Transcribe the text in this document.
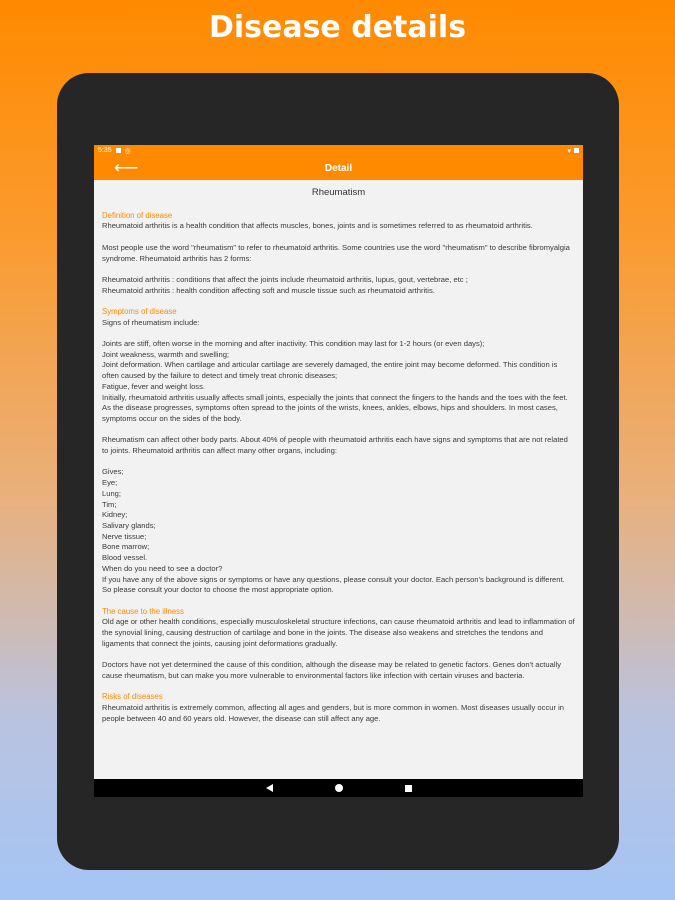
Disease details
5:35 ◎	▾
⟵	Detail
Rheumatism

Definition of disease

Rheumatoid arthritis is a health condition that affects muscles, bones, joints and is sometimes referred to as rheumatoid arthritis.

Most people use the word "rheumatism" to refer to rheumatoid arthritis. Some countries use the word "rheumatism" to describe fibromyalgia syndrome. Rheumatoid arthritis has 2 forms:

Rheumatoid arthritis : conditions that affect the joints include rheumatoid arthritis, lupus, gout, vertebrae, etc ;
Rheumatoid arthritis : health condition affecting soft and muscle tissue such as rheumatoid arthritis.

Symptoms of disease

Signs of rheumatism include:

Joints are stiff, often worse in the morning and after inactivity. This condition may last for 1-2 hours (or even days);
Joint weakness, warmth and swelling;
Joint deformation. When cartilage and articular cartilage are severely damaged, the entire joint may become deformed. This condition is often caused by the failure to detect and timely treat chronic diseases;
Fatigue, fever and weight loss.
Initially, rheumatoid arthritis usually affects small joints, especially the joints that connect the fingers to the hands and the toes with the feet. As the disease progresses, symptoms often spread to the joints of the wrists, knees, ankles, elbows, hips and shoulders. In most cases, symptoms occur on the sides of the body.

Rheumatism can affect other body parts. About 40% of people with rheumatoid arthritis each have signs and symptoms that are not related to joints. Rheumatoid arthritis can affect many other organs, including:

Gives;
Eye;
Lung;
Tim;
Kidney;
Salivary glands;
Nerve tissue;
Bone marrow;
Blood vessel.
When do you need to see a doctor?
If you have any of the above signs or symptoms or have any questions, please consult your doctor. Each person's background is different. So please consult your doctor to choose the most appropriate option.

The cause to the illness

Old age or other health conditions, especially musculoskeletal structure infections, can cause rheumatoid arthritis and lead to inflammation of the synovial lining, causing destruction of cartilage and bone in the joints. The disease also weakens and stretches the tendons and ligaments that connect the joints, causing joint deformations gradually.

Doctors have not yet determined the cause of this condition, although the disease may be related to genetic factors. Genes don't actually cause rheumatism, but can make you more vulnerable to environmental factors like infection with certain viruses and bacteria.

Risks of diseases

Rheumatoid arthritis is extremely common, affecting all ages and genders, but is more common in women. Most diseases usually occur in people between 40 and 60 years old. However, the disease can still affect any age.
